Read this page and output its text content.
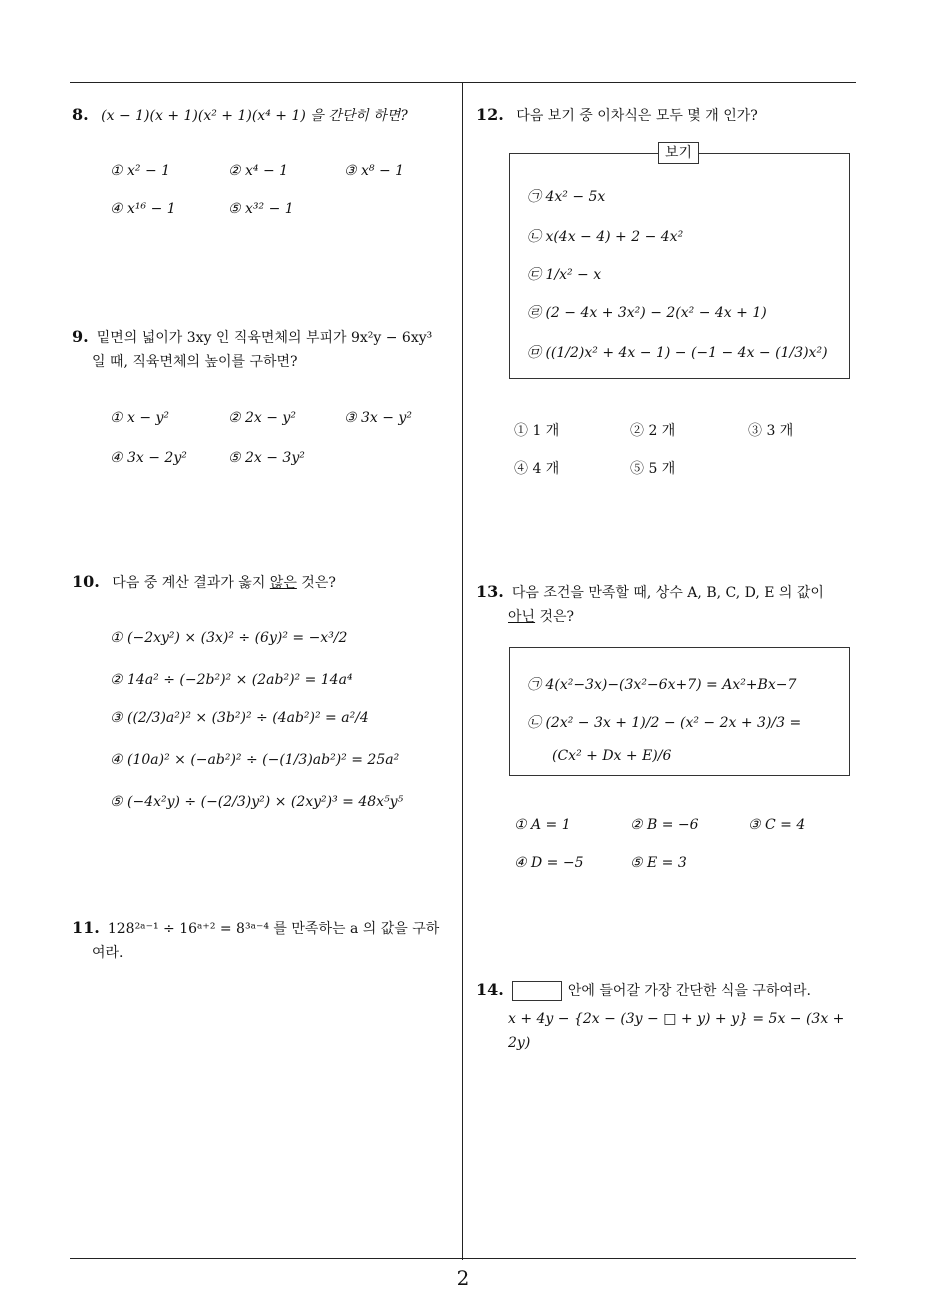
8. (x − 1)(x + 1)(x² + 1)(x⁴ + 1) 을 간단히 하면?
① x² − 1	② x⁴ − 1	③ x⁸ − 1
④ x¹⁶ − 1	⑤ x³² − 1
9. 밑면의 넓이가 3xy 인 직육면체의 부피가 9x²y − 6xy³
일 때, 직육면체의 높이를 구하면?
① x − y²	② 2x − y²	③ 3x − y²
④ 3x − 2y²	⑤ 2x − 3y²
10. 다음 중 계산 결과가 옳지 않은 것은?
① (−2xy²) × (3x)² ÷ (6y)² = −x³/2
② 14a² ÷ (−2b²)² × (2ab²)² = 14a⁴
③ ((2/3)a²)² × (3b²)² ÷ (4ab²)² = a²/4
④ (10a)² × (−ab²)² ÷ (−(1/3)ab²)² = 25a²
⑤ (−4x²y) ÷ (−(2/3)y²) × (2xy²)³ = 48x⁵y⁵
11. 128²ᵃ⁻¹ ÷ 16ᵃ⁺² = 8³ᵃ⁻⁴ 를 만족하는 a 의 값을 구하
여라.
12. 다음 보기 중 이차식은 모두 몇 개 인가?
보기
㉠ 4x² − 5x
㉡ x(4x − 4) + 2 − 4x²
㉢ 1/x² − x
㉣ (2 − 4x + 3x²) − 2(x² − 4x + 1)
㉤ ((1/2)x² + 4x − 1) − (−1 − 4x − (1/3)x²)
① 1 개	② 2 개	③ 3 개
④ 4 개	⑤ 5 개
13. 다음 조건을 만족할 때, 상수 A, B, C, D, E 의 값이
아닌 것은?
㉠ 4(x²−3x)−(3x²−6x+7) = Ax²+Bx−7
㉡ (2x² − 3x + 1)/2 − (x² − 2x + 3)/3 =
(Cx² + Dx + E)/6
① A = 1	② B = −6	③ C = 4
④ D = −5	⑤ E = 3
14.	안에 들어갈 가장 간단한 식을 구하여라.
x + 4y − {2x − (3y − □ + y) + y} = 5x − (3x + 2y)
2
